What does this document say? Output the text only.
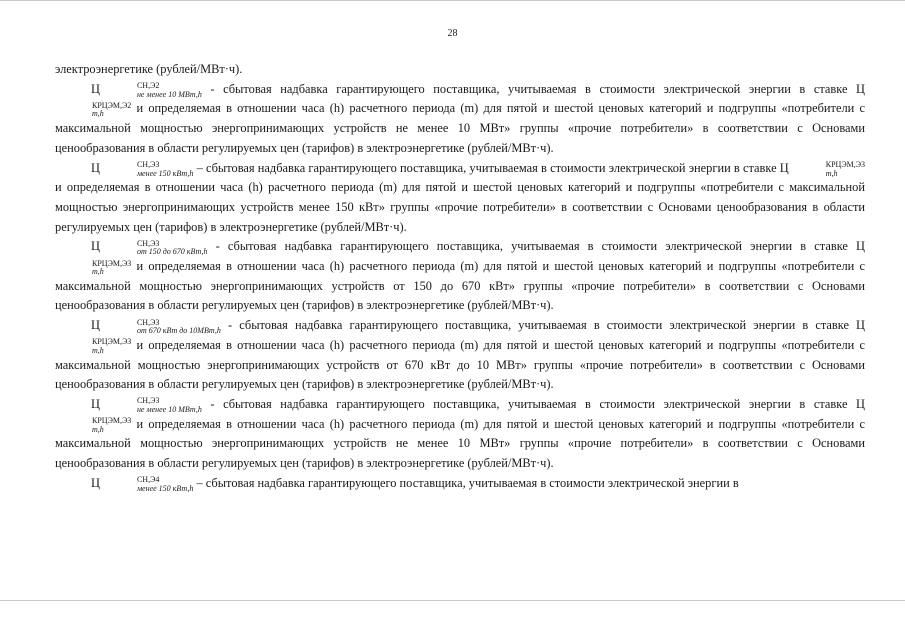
28

электроэнергетике (рублей/МВт·ч).

Ц	СН,Э2
не менее 10 МВт,h - сбытовая надбавка гарантирующего поставщика, учитываемая в стоимости электрической энергии в ставке Ц
КРЦЭМ,Э2
m,h	и определяемая в отношении часа (h) расчетного периода (m) для пятой и шестой ценовых категорий и подгруппы «потребители с максимальной мощностью энергопринимающих устройств не менее 10 МВт» группы «прочие потребители» в соответствии с Основами ценообразования в области регулируемых цен (тарифов) в электроэнергетике (рублей/МВт·ч).

Ц	СН,Э3
менее 150 кВт,h – сбытовая надбавка гарантирующего поставщика, учитываемая в стоимости электрической энергии в ставке Ц	КРЦЭМ,Э3
m,h
и определяемая в отношении часа (h) расчетного периода (m) для пятой и шестой ценовых категорий и подгруппы «потребители с максимальной мощностью энергопринимающих устройств менее 150 кВт» группы «прочие потребители» в соответствии с Основами ценообразования в области регулируемых цен (тарифов) в электроэнергетике (рублей/МВт·ч).

Ц	СН,Э3
от 150 до 670 кВт,h - сбытовая надбавка гарантирующего поставщика, учитываемая в стоимости электрической энергии в ставке Ц
КРЦЭМ,Э3
m,h	и определяемая в отношении часа (h) расчетного периода (m) для пятой и шестой ценовых категорий и подгруппы «потребители с максимальной мощностью энергопринимающих устройств от 150 до 670 кВт» группы «прочие потребители» в соответствии с Основами ценообразования в области регулируемых цен (тарифов) в электроэнергетике (рублей/МВт·ч).

Ц	СН,Э3
от 670 кВт до 10МВт,h - сбытовая надбавка гарантирующего поставщика, учитываемая в стоимости электрической энергии в ставке Ц
КРЦЭМ,Э3
m,h	и определяемая в отношении часа (h) расчетного периода (m) для пятой и шестой ценовых категорий и подгруппы «потребители с максимальной мощностью энергопринимающих устройств от 670 кВт до 10 МВт» группы «прочие потребители» в соответствии с Основами ценообразования в области регулируемых цен (тарифов) в электроэнергетике (рублей/МВт·ч).

Ц	СН,Э3
не менее 10 МВт,h - сбытовая надбавка гарантирующего поставщика, учитываемая в стоимости электрической энергии в ставке Ц
КРЦЭМ,Э3
m,h	и определяемая в отношении часа (h) расчетного периода (m) для пятой и шестой ценовых категорий и подгруппы «потребители с максимальной мощностью энергопринимающих устройств не менее 10 МВт» группы «прочие потребители» в соответствии с Основами ценообразования в области регулируемых цен (тарифов) в электроэнергетике (рублей/МВт·ч).

Ц	СН,Э4
менее 150 кВт,h – сбытовая надбавка гарантирующего поставщика, учитываемая в стоимости электрической энергии в
